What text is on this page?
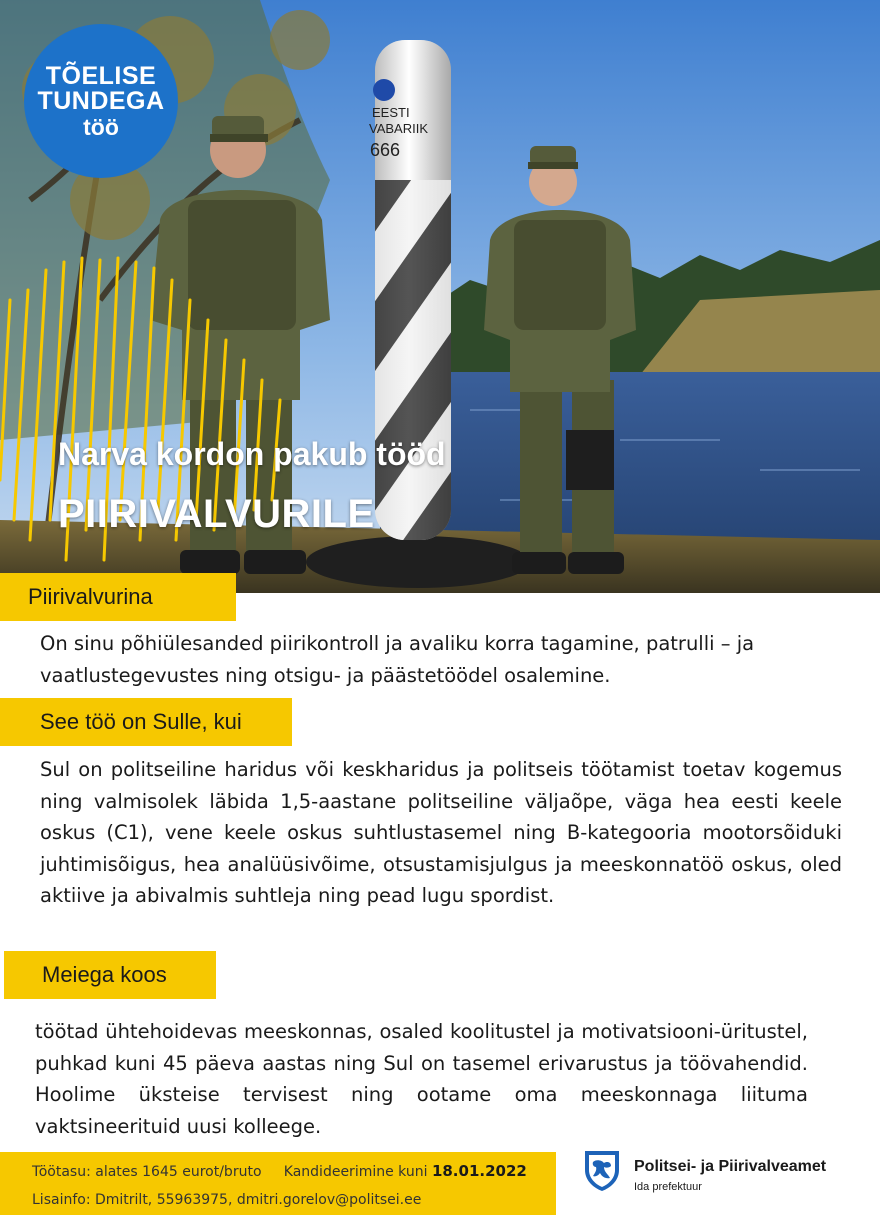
EESTI
VABARIIK
666
TÕELISE
TUNDEGA
töö
Narva kordon pakub tööd
PIIRIVALVURILE
Piirivalvurina
On sinu põhiülesanded piirikontroll ja avaliku korra tagamine, patrulli – ja vaatlustegevustes ning otsigu- ja päästetöödel osalemine.
See töö on Sulle, kui
Sul on politseiline haridus või keskharidus ja politseis töötamist toetav kogemus ning valmisolek läbida 1,5-aastane politseiline väljaõpe, väga hea eesti keele oskus (C1), vene keele oskus suhtlustasemel ning B-kategooria mootorsõiduki juhtimisõigus, hea analüüsivõime, otsustamisjulgus ja meeskonnatöö oskus, oled aktiive ja abivalmis suhtleja ning pead lugu spordist.
Meiega koos
töötad ühtehoidevas meeskonnas, osaled koolitustel ja motivatsiooni-üritustel, puhkad kuni 45 päeva aastas ning Sul on tasemel erivarustus ja töövahendid. Hoolime üksteise tervisest ning ootame oma meeskonnaga liituma vaktsineerituid uusi kolleege.
Töötasu: alates 1645 eurot/bruto Kandideerimine kuni 18.01.2022
Lisainfo: Dmitrilt, 55963975, dmitri.gorelov@politsei.ee
Politsei- ja Piirivalveamet
Ida prefektuur
